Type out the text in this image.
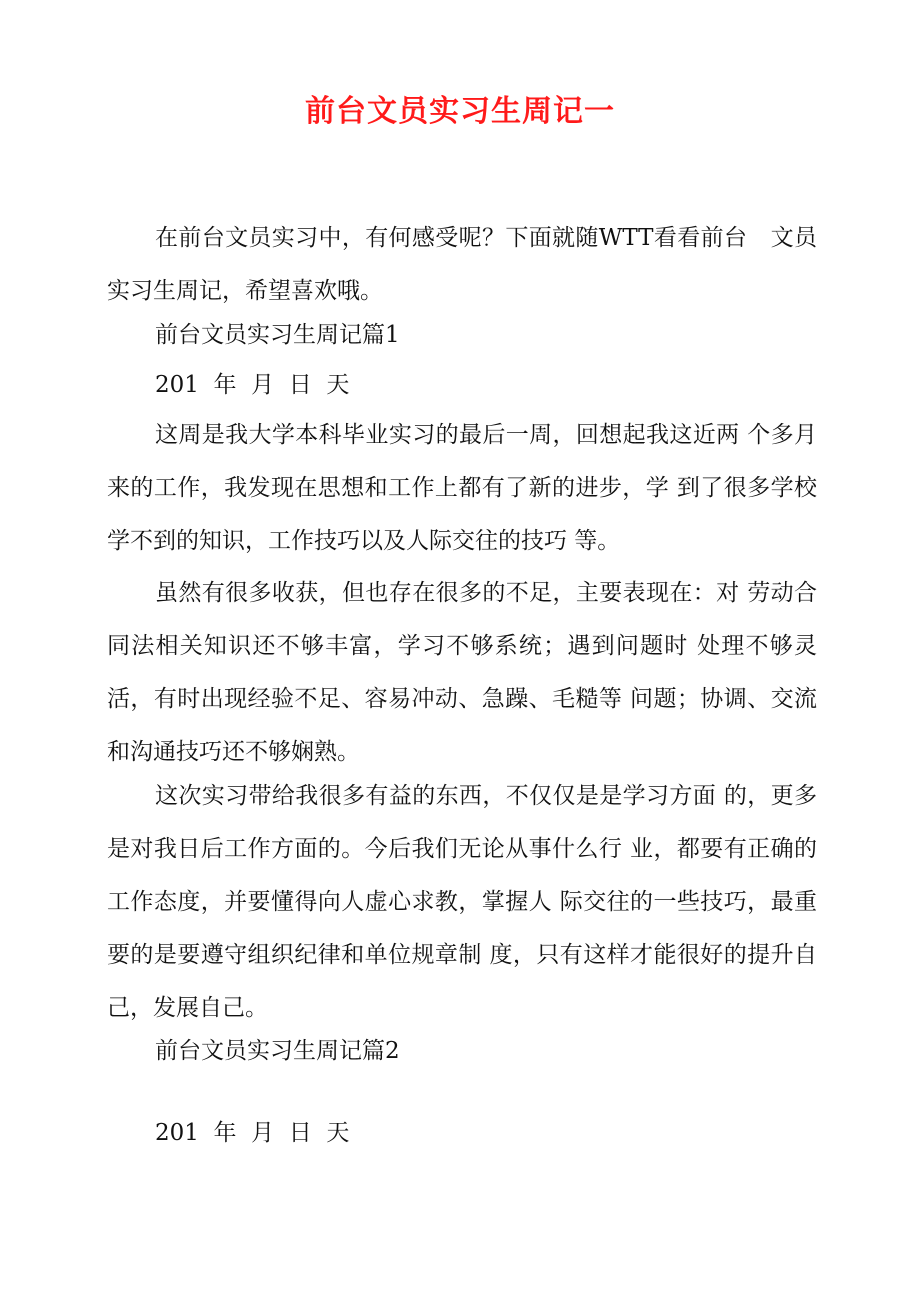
前台文员实习生周记一

在前台文员实习中，有何感受呢？下面就随WTT看看前台　文员实习生周记，希望喜欢哦。

前台文员实习生周记篇1
201  年  月  日  天

这周是我大学本科毕业实习的最后一周，回想起我这近两 个多月来的工作，我发现在思想和工作上都有了新的进步，学 到了很多学校学不到的知识，工作技巧以及人际交往的技巧 等。

虽然有很多收获，但也存在很多的不足，主要表现在：对 劳动合同法相关知识还不够丰富，学习不够系统；遇到问题时 处理不够灵活，有时出现经验不足、容易冲动、急躁、毛糙等 问题；协调、交流和沟通技巧还不够娴熟。

这次实习带给我很多有益的东西，不仅仅是是学习方面 的，更多是对我日后工作方面的。今后我们无论从事什么行 业，都要有正确的工作态度，并要懂得向人虚心求教，掌握人 际交往的一些技巧，最重要的是要遵守组织纪律和单位规章制 度，只有这样才能很好的提升自己，发展自己。

前台文员实习生周记篇2
201  年  月  日  天
